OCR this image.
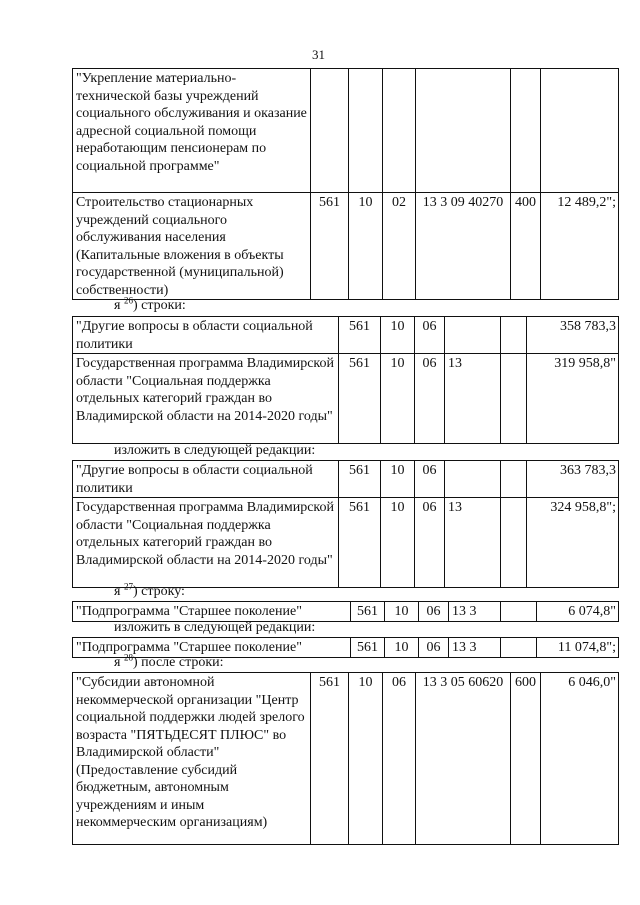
31
"Укрепление материально-технической базы учреждений социального обслуживания и оказание адресной социальной помощи неработающим пенсионерам по социальной программе"						
Строительство стационарных учреждений социального обслуживания населения (Капитальные вложения в объекты государственной (муниципальной) собственности)	561	10	02	13 3 09 40270	400	12 489,2";
я $^{26}$) строки:
"Другие вопросы в области социальной политики	561	10	06			358 783,3
Государственная программа Владимирской области "Социальная поддержка отдельных категорий граждан во Владимирской области на 2014-2020 годы"	561	10	06	13		319 958,8"
изложить в следующей редакции:
"Другие вопросы в области социальной политики	561	10	06			363 783,3
Государственная программа Владимирской области "Социальная поддержка отдельных категорий граждан во Владимирской области на 2014-2020 годы"	561	10	06	13		324 958,8";
я $^{27}$) строку:
"Подпрограмма "Старшее поколение"	561	10	06	13 3		6 074,8"
изложить в следующей редакции:
"Подпрограмма "Старшее поколение"	561	10	06	13 3		11 074,8";
я $^{28}$) после строки:
"Субсидии автономной некоммерческой организации "Центр социальной поддержки людей зрелого возраста "ПЯТЬДЕСЯТ ПЛЮС" во Владимирской области" (Предоставление субсидий бюджетным, автономным учреждениям и иным некоммерческим организациям)	561	10	06	13 3 05 60620	600	6 046,0"
